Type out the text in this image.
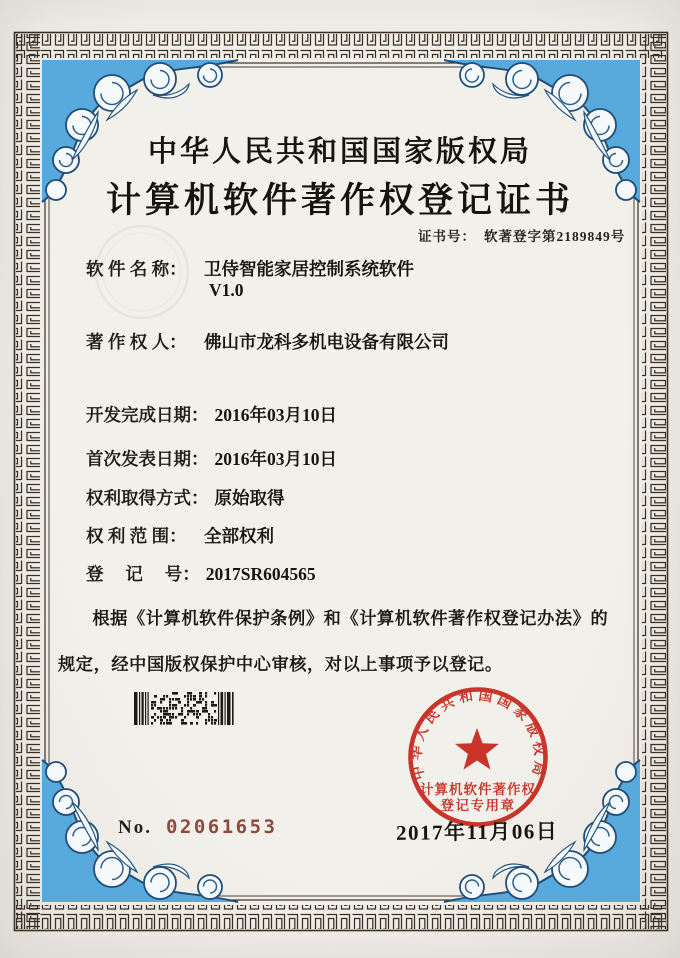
中华人民共和国国家版权局
计算机软件著作权登记证书
证书号： 软著登字第2189849号
软 件 名 称： 卫侍智能家居控制系统软件
V1.0
著 作 权 人： 佛山市龙科多机电设备有限公司
开发完成日期： 2016年03月10日
首次发表日期： 2016年03月10日
权利取得方式： 原始取得
权 利 范 围： 全部权利
登　 记　 号： 2017SR604565
根据《计算机软件保护条例》和《计算机软件著作权登记办法》的规定，经中国版权保护中心审核，对以上事项予以登记。
No. 02061653
中华人民共和国国家版权局
计算机软件著作权
登记专用章
2017年11月06日
